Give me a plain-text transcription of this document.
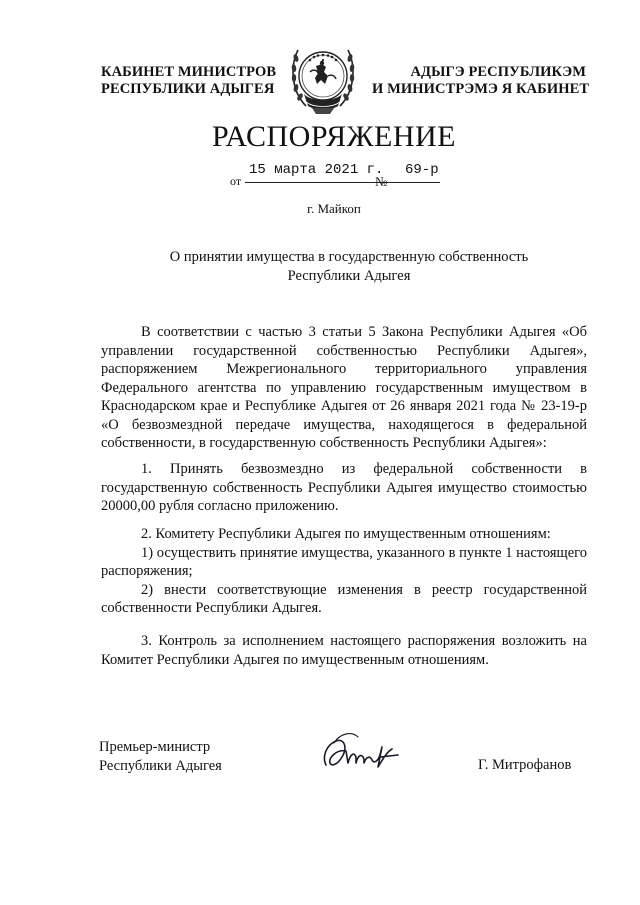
КАБИНЕТ МИНИСТРОВ
РЕСПУБЛИКИ АДЫГЕЯ
АДЫГЭ РЕСПУБЛИКЭМ
И МИНИСТРЭМЭ Я КАБИНЕТ
РАСПОРЯЖЕНИЕ
от
15 марта 2021 г.
№
69-р
г. Майкоп
О принятии имущества в государственную собственность
Республики Адыгея

В соответствии с частью 3 статьи 5 Закона Республики Адыгея «Об управлении государственной собственностью Республики Адыгея», распоряжением Межрегионального территориального управления Федерального агентства по управлению государственным имуществом в Краснодарском крае и Республике Адыгея от 26 января 2021 года № 23-19-р «О безвозмездной передаче имущества, находящегося в федеральной собственности, в государственную собственность Республики Адыгея»:

1. Принять безвозмездно из федеральной собственности в государственную собственность Республики Адыгея имущество стоимостью 20000,00 рубля согласно приложению.

2. Комитету Республики Адыгея по имущественным отношениям:

1) осуществить принятие имущества, указанного в пункте 1 настоящего распоряжения;

2) внести соответствующие изменения в реестр государственной собственности Республики Адыгея.

3. Контроль за исполнением настоящего распоряжения возложить на Комитет Республики Адыгея по имущественным отношениям.

Премьер-министр
Республики Адыгея	Г. Митрофанов
